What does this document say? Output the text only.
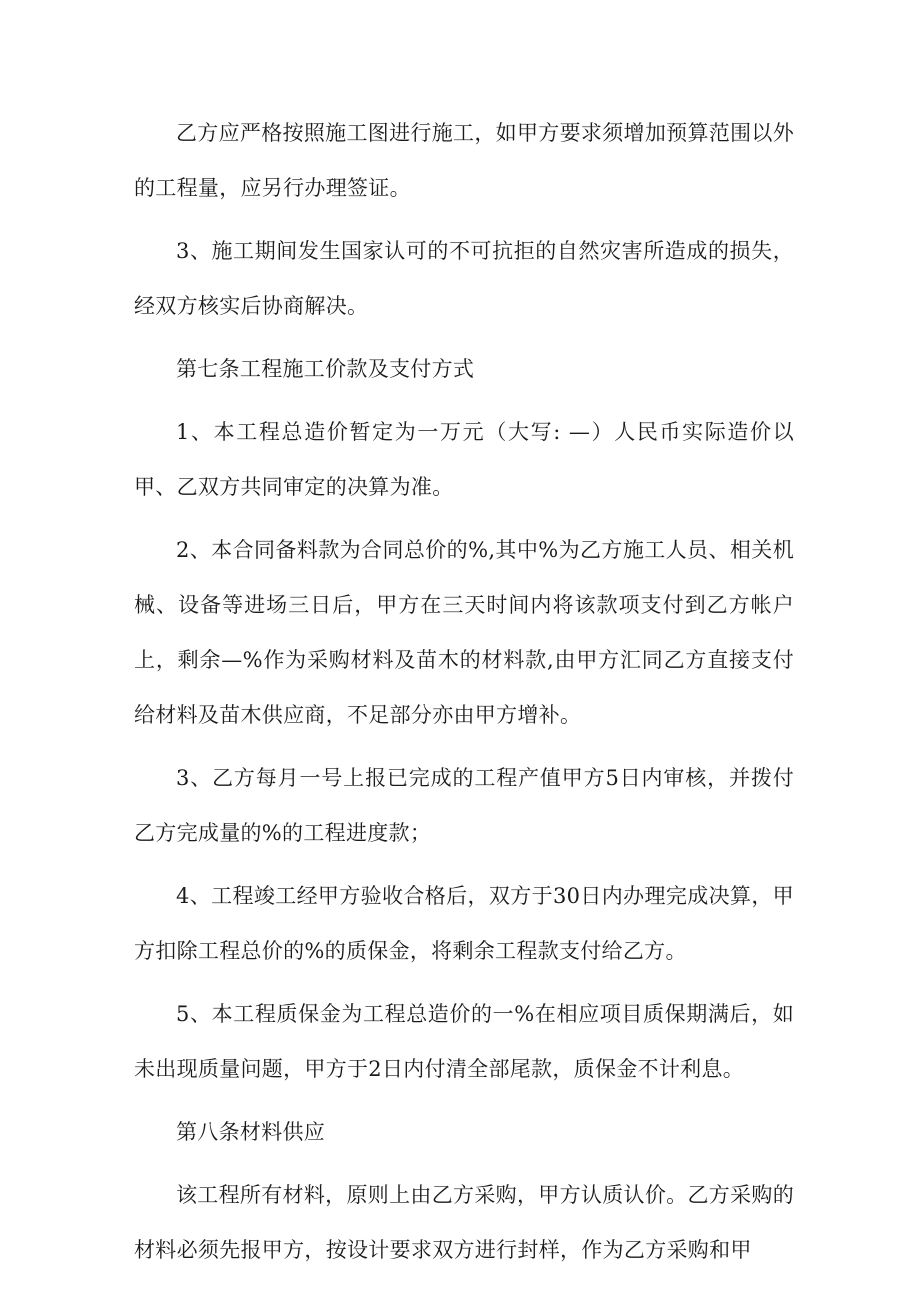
乙方应严格按照施工图进行施工，如甲方要求须增加预算范围以外的工程量，应另行办理签证。

3、施工期间发生国家认可的不可抗拒的自然灾害所造成的损失，经双方核实后协商解决。

第七条工程施工价款及支付方式

1、本工程总造价暂定为一万元（大写: —）人民币实际造价以甲、乙双方共同审定的决算为准。

2、本合同备料款为合同总价的%,其中%为乙方施工人员、相关机械、设备等进场三日后，甲方在三天时间内将该款项支付到乙方帐户上，剩余—%作为采购材料及苗木的材料款,由甲方汇同乙方直接支付给材料及苗木供应商，不足部分亦由甲方增补。

3、乙方每月一号上报已完成的工程产值甲方5日内审核，并拨付乙方完成量的%的工程进度款；

4、工程竣工经甲方验收合格后，双方于30日内办理完成决算，甲方扣除工程总价的%的质保金，将剩余工程款支付给乙方。

5、本工程质保金为工程总造价的一%在相应项目质保期满后，如未出现质量问题，甲方于2日内付清全部尾款，质保金不计利息。

第八条材料供应

该工程所有材料，原则上由乙方采购，甲方认质认价。乙方采购的材料必须先报甲方，按设计要求双方进行封样，作为乙方采购和甲
